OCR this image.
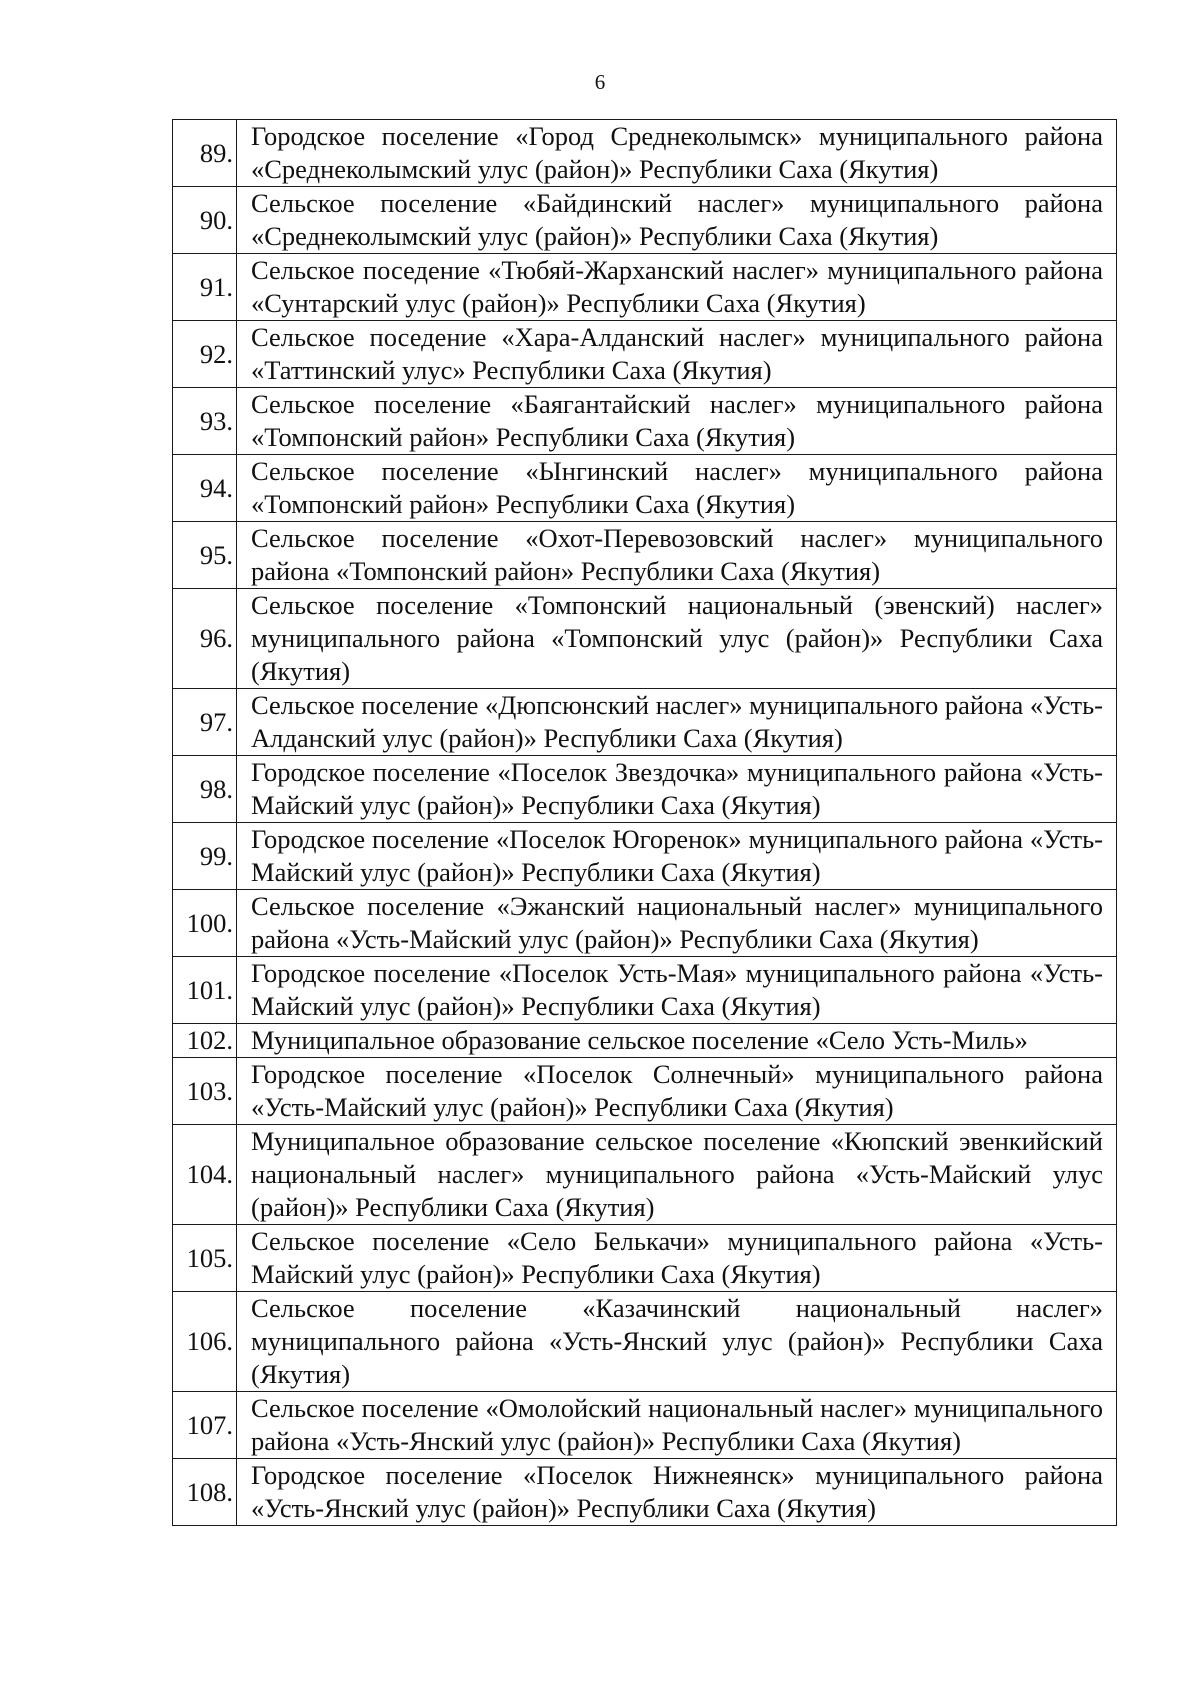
6
89.	Городское поселение «Город Среднеколымск» муниципального района «Среднеколымский улус (район)» Республики Саха (Якутия)
90.	Сельское поселение «Байдинский наслег» муниципального района «Среднеколымский улус (район)» Республики Саха (Якутия)
91.	Сельское поседение «Тюбяй-Жарханский наслег» муниципального района «Сунтарский улус (район)» Республики Саха (Якутия)
92.	Сельское поседение «Хара-Алданский наслег» муниципального района «Таттинский улус» Республики Саха (Якутия)
93.	Сельское поселение «Баягантайский наслег» муниципального района «Томпонский район» Республики Саха (Якутия)
94.	Сельское поселение «Ынгинский наслег» муниципального района «Томпонский район» Республики Саха (Якутия)
95.	Сельское поселение «Охот-Перевозовский наслег» муниципального района «Томпонский район» Республики Саха (Якутия)
96.	Сельское поселение «Томпонский национальный (эвенский) наслег» муниципального района «Томпонский улус (район)» Республики Саха (Якутия)
97.	Сельское поселение «Дюпсюнский наслег» муниципального района «Усть-Алданский улус (район)» Республики Саха (Якутия)
98.	Городское поселение «Поселок Звездочка» муниципального района «Усть-Майский улус (район)» Республики Саха (Якутия)
99.	Городское поселение «Поселок Югоренок» муниципального района «Усть-Майский улус (район)» Республики Саха (Якутия)
100.	Сельское поселение «Эжанский национальный наслег» муниципального района «Усть-Майский улус (район)» Республики Саха (Якутия)
101.	Городское поселение «Поселок Усть-Мая» муниципального района «Усть-Майский улус (район)» Республики Саха (Якутия)
102.	Муниципальное образование сельское поселение «Село Усть-Миль»
103.	Городское поселение «Поселок Солнечный» муниципального района «Усть-Майский улус (район)» Республики Саха (Якутия)
104.	Муниципальное образование сельское поселение «Кюпский эвенкийский национальный наслег» муниципального района «Усть-Майский улус (район)» Республики Саха (Якутия)
105.	Сельское поселение «Село Белькачи» муниципального района «Усть-Майский улус (район)» Республики Саха (Якутия)
106.	Сельское поселение «Казачинский национальный наслег» муниципального района «Усть-Янский улус (район)» Республики Саха (Якутия)
107.	Сельское поселение «Омолойский национальный наслег» муниципального района «Усть-Янский улус (район)» Республики Саха (Якутия)
108.	Городское поселение «Поселок Нижнеянск» муниципального района «Усть-Янский улус (район)» Республики Саха (Якутия)
